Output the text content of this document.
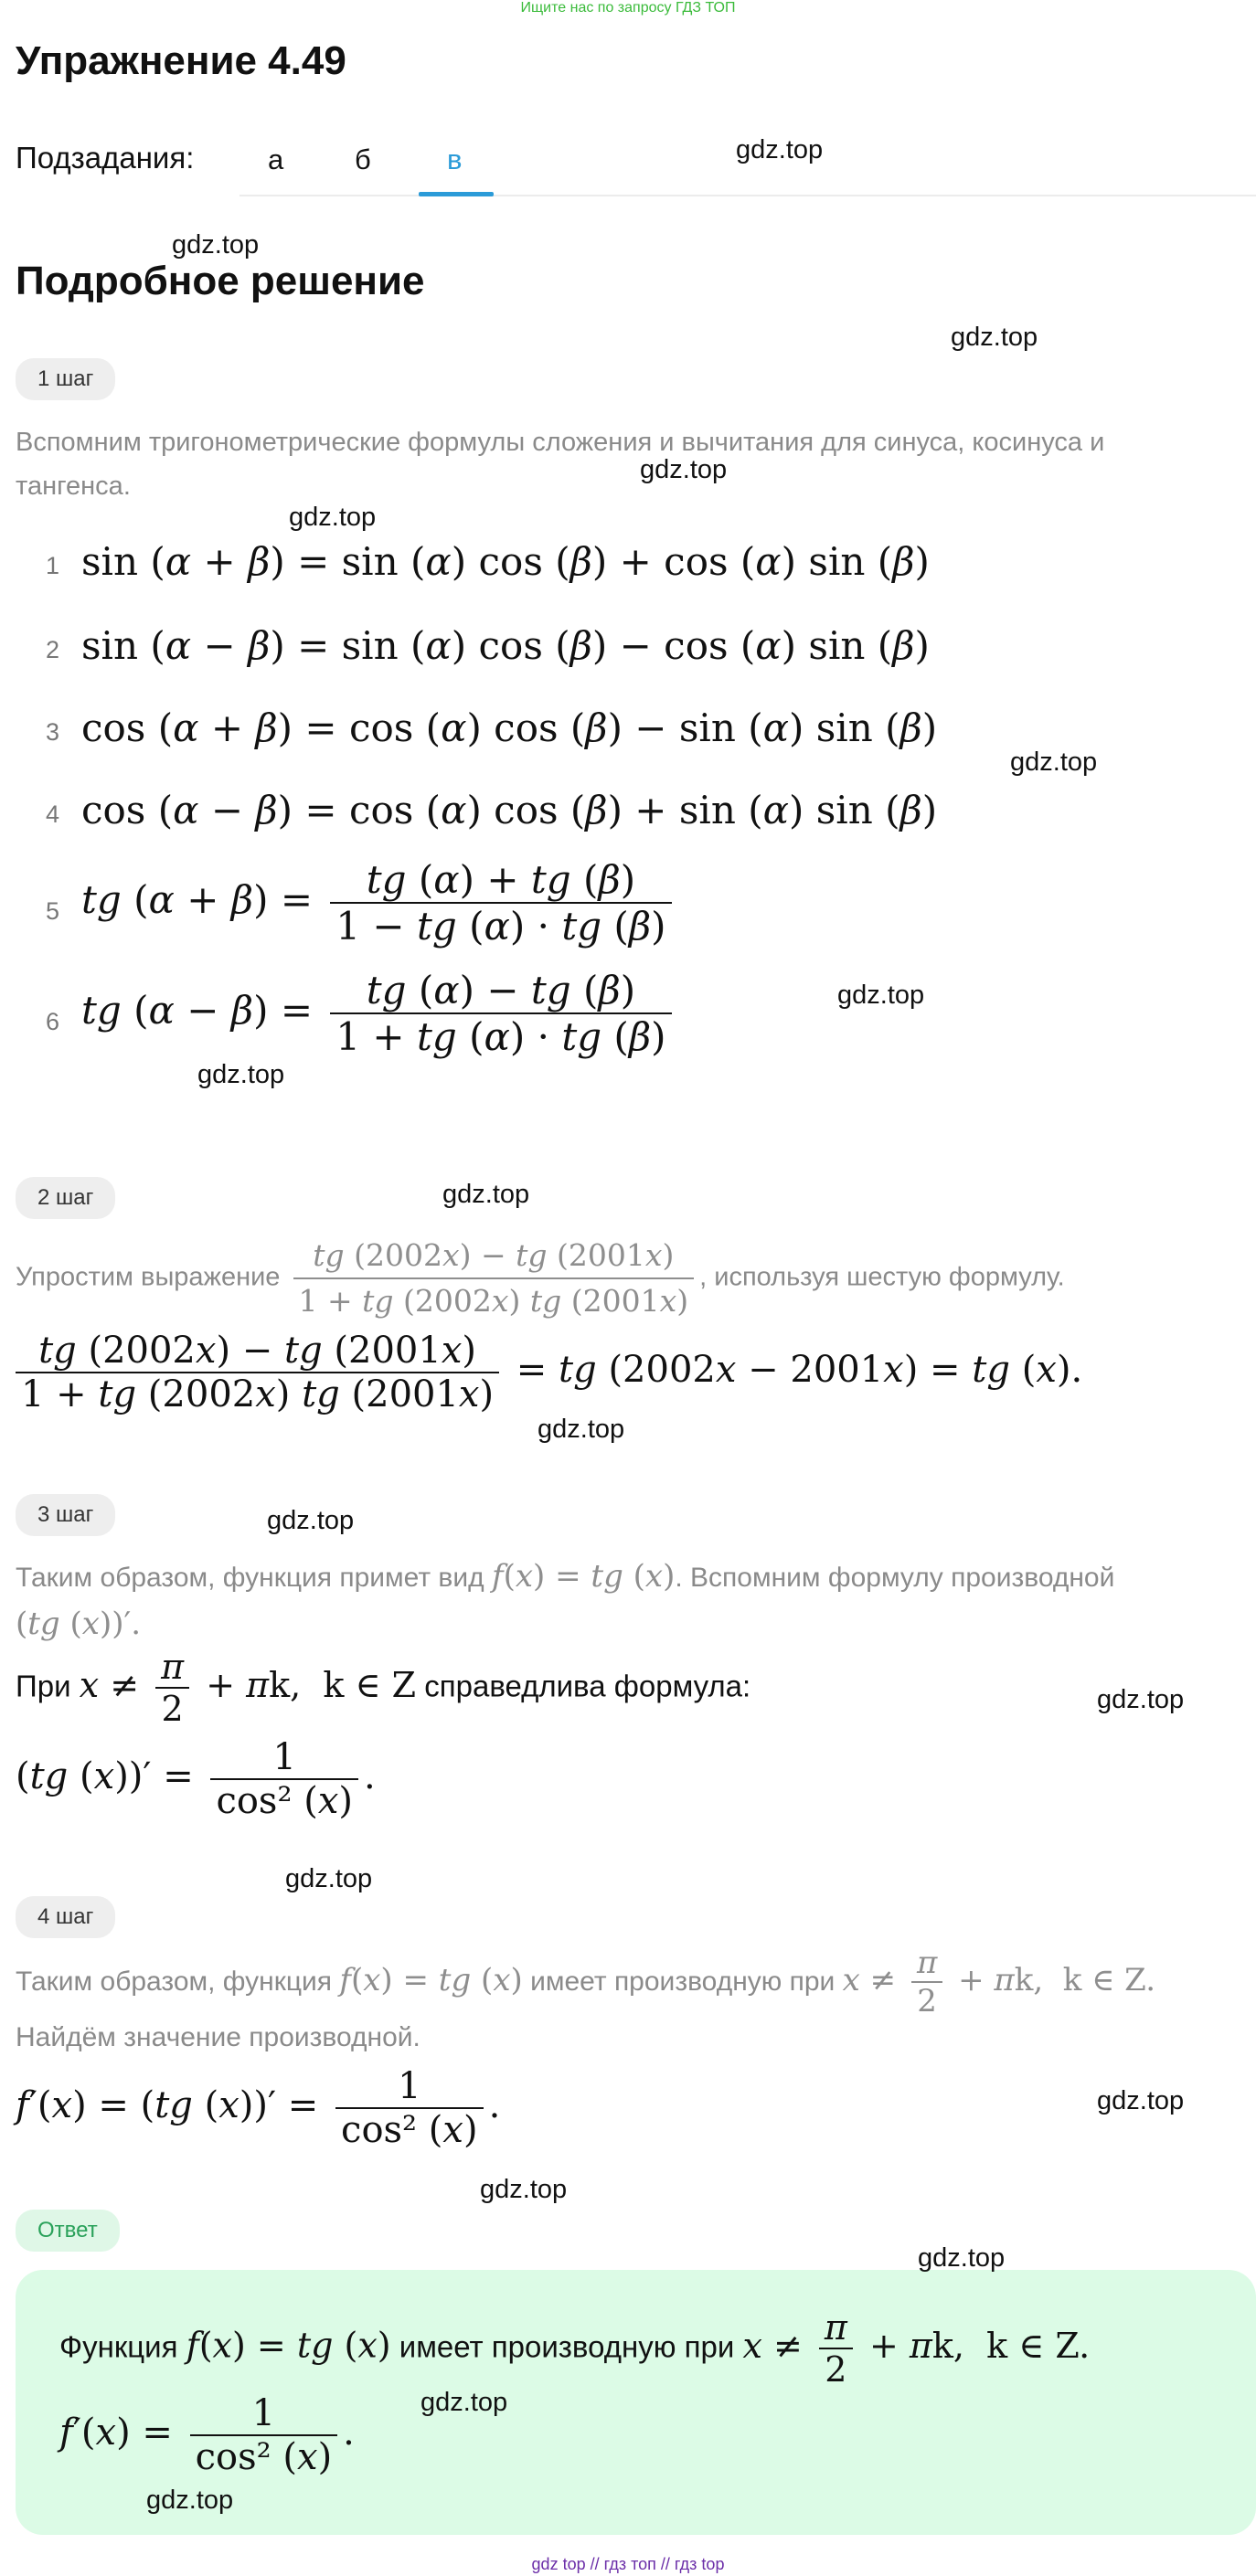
Ищите нас по запросу ГДЗ ТОП
Упражнение 4.49
Подзадания:	а	б	в
Подробное решение
1 шаг
Вспомним тригонометрические формулы сложения и вычитания для синуса, косинуса и
тангенса.
1 sin (α + β) = sin (α) cos (β) + cos (α) sin (β)
2 sin (α − β) = sin (α) cos (β) − cos (α) sin (β)
3 cos (α + β) = cos (α) cos (β) − sin (α) sin (β)
4 cos (α − β) = cos (α) cos (β) + sin (α) sin (β)
5 tg $(\alpha + \beta) = \frac{tg (\alpha) + tg (\beta)}{1 - tg (\alpha) \cdot tg (\beta)}$
6 tg $(\alpha - \beta) = \frac{tg (\alpha) - tg (\beta)}{1 + tg (\alpha) \cdot tg (\beta)}$
2 шаг
Упростим выражение $\frac{tg (2002x) - tg (2001x)}{1 + tg (2002x) tg (2001x)}$ , используя шестую формулу.
$\frac{tg (2002x) - tg (2001x)}{1 + tg (2002x) tg (2001x)}$ = tg (2002x − 2001x) = tg (x).
3 шаг
Таким образом, функция примет вид f(x) = tg (x). Вспомним формулу производной
(tg (x))′.
При $x \ne \frac{\pi}{2} + \pi k$,  k ∈ Z справедлива формула:
(tg $(x))' = \frac{1}{\text{cos² (x)}}$ .
4 шаг
Таким образом, функция f(x) = tg (x) имеет производную при $x \ne \frac{\pi}{2} + \pi k$,  k ∈ Z.
Найдём значение производной.
f′(x) = (tg $(x))' = \frac{1}{\text{cos² (x)}}$ .
Ответ
Функция f(x) = tg (x) имеет производную при $x \ne \frac{\pi}{2} + \pi k$,  k ∈ Z.
$f'(x) = \frac{1}{\text{cos² (x)}}$ .
gdz.top
gdz.top
gdz.top
gdz.top
gdz.top
gdz.top
gdz.top
gdz.top
gdz.top
gdz.top
gdz.top
gdz.top
gdz.top
gdz.top
gdz.top
gdz.top
gdz.top
gdz.top
gdz top // гдз топ // гдз top
